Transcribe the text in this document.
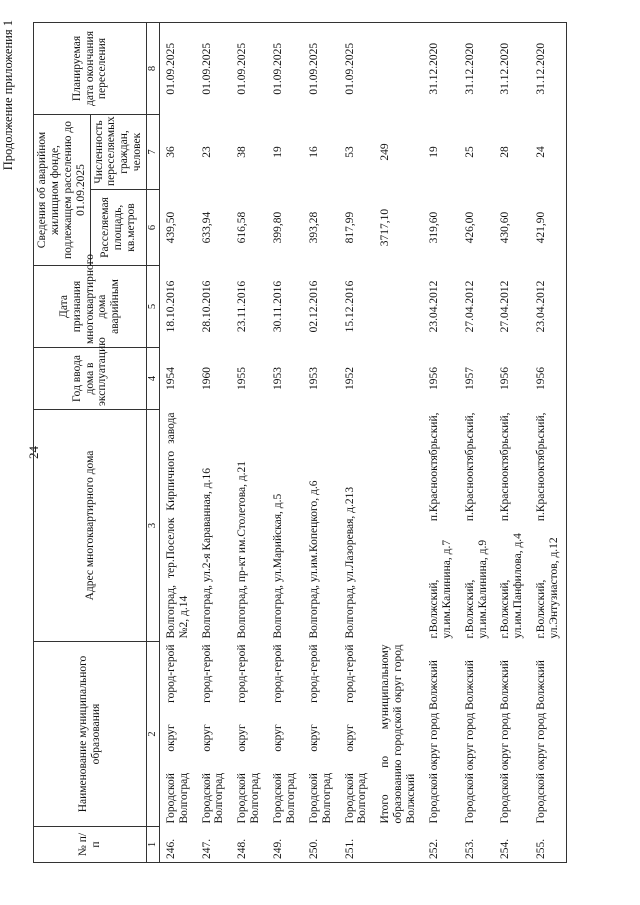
24
Продолжение приложения 1
№ п/п	Наименование муниципального образования	Адрес многоквартирного дома	Год ввода дома в эксплуатацию	Дата признания многоквартирного дома аварийным	Сведения об аварийном жилищном фонде, подлежащем расселению до 01.09.2025		Планируемая дата окончания переселения
					Расселяемая площадь, кв.метров	Численность переселяемых граждан, человек	
1	2	3	4	5	6	7	8
246.	Городской округ город-герой Волгоград	Волгоград, тер.Поселок Кирпичного завода №2, д.14	1954	18.10.2016	439,50	36	01.09.2025
247.	Городской округ город-герой Волгоград	Волгоград, ул.2-я Караванная, д.16	1960	28.10.2016	633,94	23	01.09.2025
248.	Городской округ город-герой Волгоград	Волгоград, пр-кт им.Столетова, д.21	1955	23.11.2016	616,58	38	01.09.2025
249.	Городской округ город-герой Волгоград	Волгоград, ул.Марийская, д.5	1953	30.11.2016	399,80	19	01.09.2025
250.	Городской округ город-герой Волгоград	Волгоград, ул.им.Копецкого, д.6	1953	02.12.2016	393,28	16	01.09.2025
251.	Городской округ город-герой Волгоград	Волгоград, ул.Лазоревая, д.213	1952	15.12.2016	817,99	53	01.09.2025
	Итого по муниципальному образованию городской округ город Волжский				3717,10	249	
252.	Городской округ город Волжский	г.Волжский, п.Краснооктябрьский, ул.им.Калинина, д.7	1956	23.04.2012	319,60	19	31.12.2020
253.	Городской округ город Волжский	г.Волжский, п.Краснооктябрьский, ул.им.Калинина, д.9	1957	27.04.2012	426,00	25	31.12.2020
254.	Городской округ город Волжский	г.Волжский, п.Краснооктябрьский, ул.им.Панфилова, д.4	1956	27.04.2012	430,60	28	31.12.2020
255.	Городской округ город Волжский	г.Волжский, п.Краснооктябрьский, ул.Энтузиастов, д.12	1956	23.04.2012	421,90	24	31.12.2020
